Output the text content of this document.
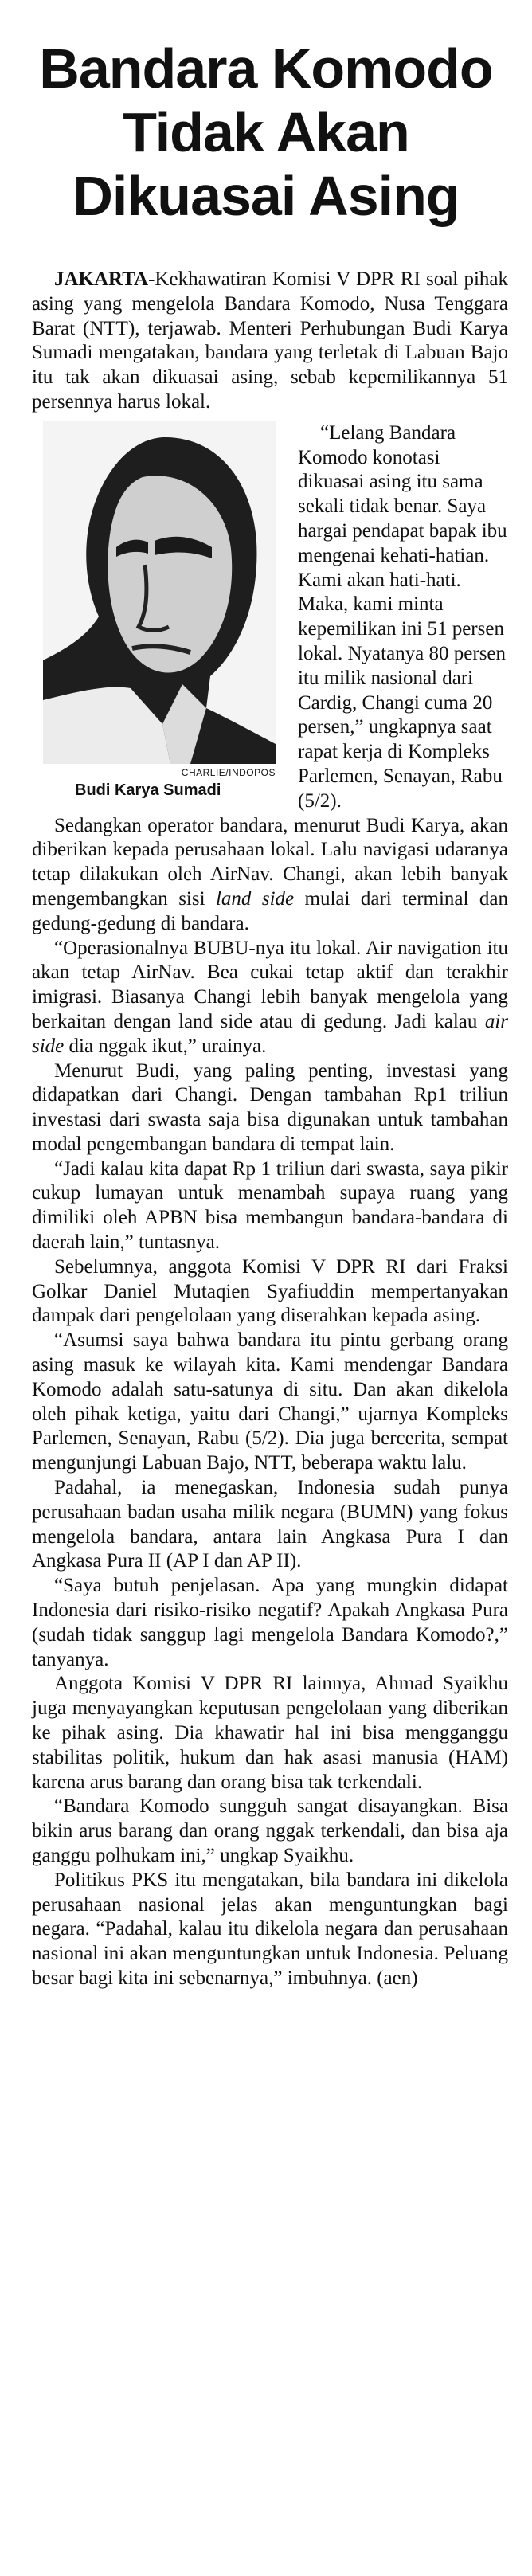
Bandara Komodo
Tidak Akan
Dikuasai Asing

JAKARTA-Kekhawatiran Komisi V DPR RI soal pihak asing yang mengelola Bandara Komodo, Nusa Tenggara Barat (NTT), terjawab. Menteri Perhubungan Budi Karya Sumadi mengatakan, bandara yang terletak di Labuan Bajo itu tak akan dikuasai asing, sebab kepemilikannya 51 persennya harus lokal.

CHARLIE/INDOPOS
Budi Karya Sumadi

“Lelang Bandara Komodo konotasi dikuasai asing itu sama sekali tidak benar. Saya hargai pendapat bapak ibu mengenai kehati-hatian. Kami akan hati-hati. Maka, kami minta kepemilikan ini 51 persen lokal. Nyatanya 80 persen itu milik nasional dari Cardig, Changi cuma 20 persen,” ungkapnya saat rapat kerja di Kompleks Parlemen, Senayan, Rabu (5/2).

Sedangkan operator bandara, menurut Budi Karya, akan diberikan kepada perusahaan lokal. Lalu navigasi udaranya tetap dilakukan oleh AirNav. Changi, akan lebih banyak mengembangkan sisi land side mulai dari terminal dan gedung-gedung di bandara.

“Operasionalnya BUBU-nya itu lokal. Air navigation itu akan tetap AirNav. Bea cukai tetap aktif dan terakhir imigrasi. Biasanya Changi lebih banyak mengelola yang berkaitan dengan land side atau di gedung. Jadi kalau air side dia nggak ikut,” urainya.

Menurut Budi, yang paling penting, investasi yang didapatkan dari Changi. Dengan tambahan Rp1 triliun investasi dari swasta saja bisa digunakan untuk tambahan modal pengembangan bandara di tempat lain.

“Jadi kalau kita dapat Rp 1 triliun dari swasta, saya pikir cukup lumayan untuk menambah supaya ruang yang dimiliki oleh APBN bisa membangun bandara-bandara di daerah lain,” tuntasnya.

Sebelumnya, anggota Komisi V DPR RI dari Fraksi Golkar Daniel Mutaqien Syafiuddin mempertanyakan dampak dari pengelolaan yang diserahkan kepada asing.

“Asumsi saya bahwa bandara itu pintu gerbang orang asing masuk ke wilayah kita. Kami mendengar Bandara Komodo adalah satu-satunya di situ. Dan akan dikelola oleh pihak ketiga, yaitu dari Changi,” ujarnya Kompleks Parlemen, Senayan, Rabu (5/2). Dia juga bercerita, sempat mengunjungi Labuan Bajo, NTT, beberapa waktu lalu.

Padahal, ia menegaskan, Indonesia sudah punya perusahaan badan usaha milik negara (BUMN) yang fokus mengelola bandara, antara lain Angkasa Pura I dan Angkasa Pura II (AP I dan AP II).

“Saya butuh penjelasan. Apa yang mungkin didapat Indonesia dari risiko-risiko negatif? Apakah Angkasa Pura (sudah tidak sanggup lagi mengelola Bandara Komodo?,” tanyanya.

Anggota Komisi V DPR RI lainnya, Ahmad Syaikhu juga menyayangkan keputusan pengelolaan yang diberikan ke pihak asing. Dia khawatir hal ini bisa mengganggu stabilitas politik, hukum dan hak asasi manusia (HAM) karena arus barang dan orang bisa tak terkendali.

“Bandara Komodo sungguh sangat disayangkan. Bisa bikin arus barang dan orang nggak terkendali, dan bisa aja ganggu polhukam ini,” ungkap Syaikhu.

Politikus PKS itu mengatakan, bila bandara ini dikelola perusahaan nasional jelas akan menguntungkan bagi negara. “Padahal, kalau itu dikelola negara dan perusahaan nasional ini akan menguntungkan untuk Indonesia. Peluang besar bagi kita ini sebenarnya,” imbuhnya. (aen)
